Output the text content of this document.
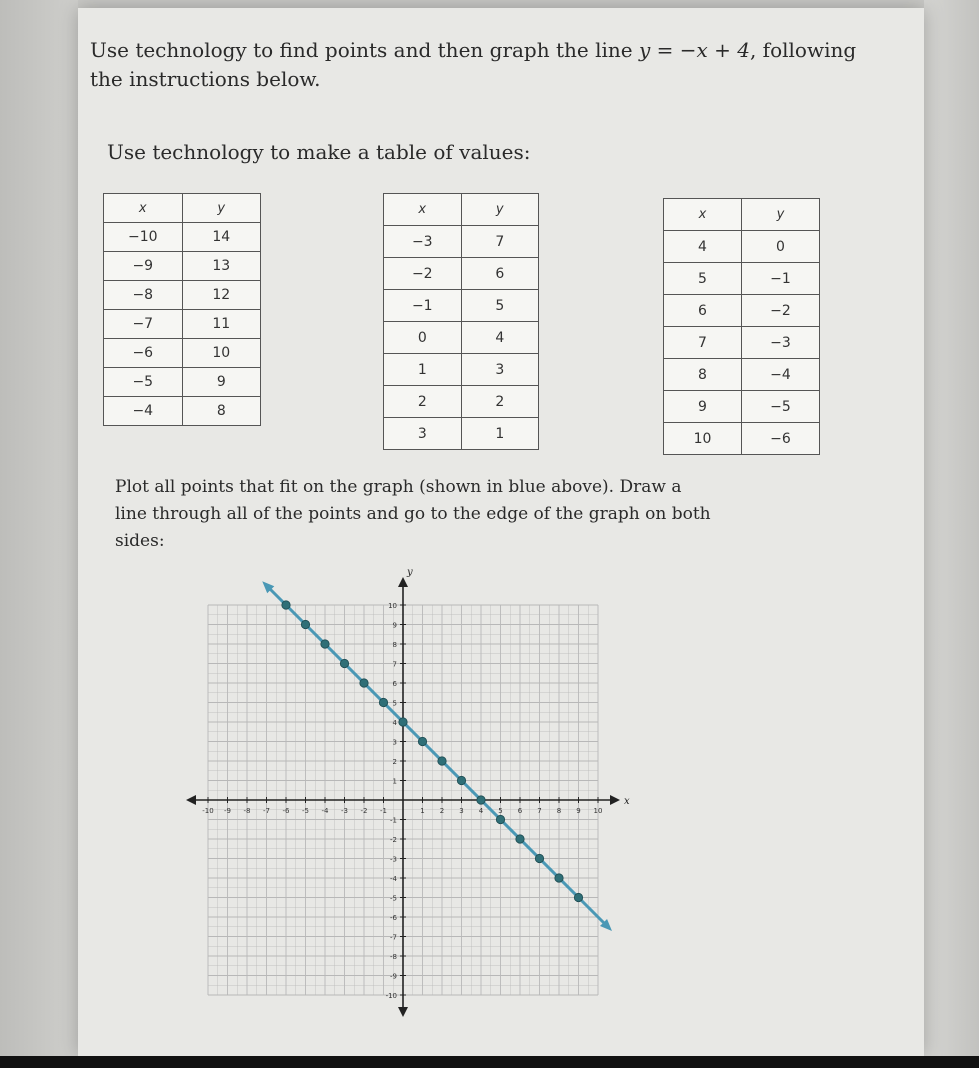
Use technology to find points and then graph the line y = −x + 4, following the instructions below.
Use technology to make a table of values:
x	y
−10	14
−9	13
−8	12
−7	11
−6	10
−5	9
−4	8
x	y
−3	7
−2	6
−1	5
0	4
1	3
2	2
3	1
x	y
4	0
5	−1
6	−2
7	−3
8	−4
9	−5
10	−6
Plot all points that fit on the graph (shown in blue above). Draw a line through all of the points and go to the edge of the graph on both sides:
x
y
-10 -9 -8 -7 -6 -5 -4 -3 -2 -1	1 2 3 4 5 6 7 8 9 10
-10
-9
-8
-7
-6
-5
-4
-3
-2
-1
1
2
3
4
5
6
7
8
9
10
